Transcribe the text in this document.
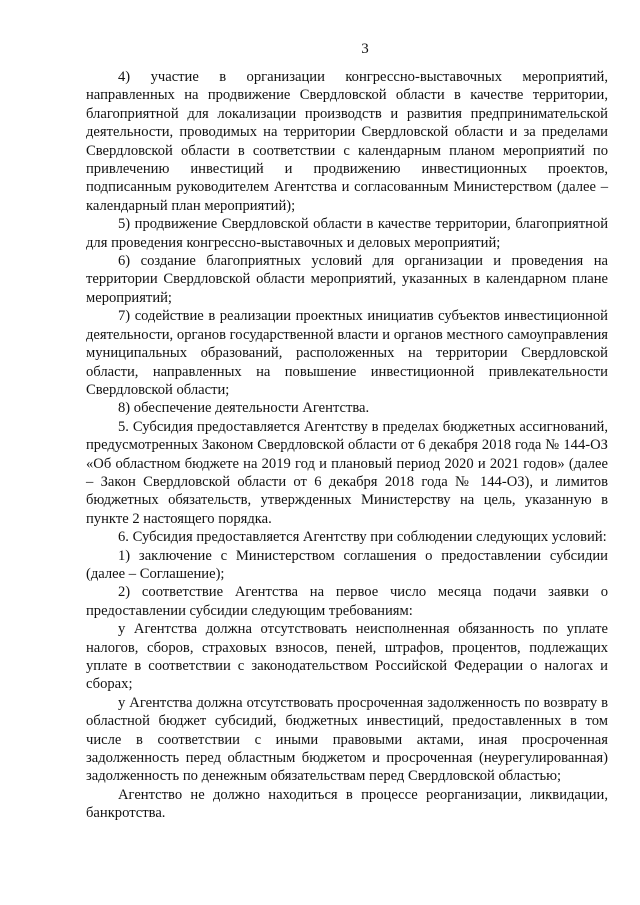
3

4) участие в организации конгрессно-выставочных мероприятий, направленных на продвижение Свердловской области в качестве территории, благоприятной для локализации производств и развития предпринимательской деятельности, проводимых на территории Свердловской области и за пределами Свердловской области в соответствии с календарным планом мероприятий по привлечению инвестиций и продвижению инвестиционных проектов, подписанным руководителем Агентства и согласованным Министерством (далее – календарный план мероприятий);

5) продвижение Свердловской области в качестве территории, благоприятной для проведения конгрессно-выставочных и деловых мероприятий;

6) создание благоприятных условий для организации и проведения на территории Свердловской области мероприятий, указанных в календарном плане мероприятий;

7) содействие в реализации проектных инициатив субъектов инвестиционной деятельности, органов государственной власти и органов местного самоуправления муниципальных образований, расположенных на территории Свердловской области, направленных на повышение инвестиционной привлекательности Свердловской области;

8) обеспечение деятельности Агентства.

5. Субсидия предоставляется Агентству в пределах бюджетных ассигнований, предусмотренных Законом Свердловской области от 6 декабря 2018 года № 144-ОЗ «Об областном бюджете на 2019 год и плановый период 2020 и 2021 годов» (далее – Закон Свердловской области от 6 декабря 2018 года № 144-ОЗ), и лимитов бюджетных обязательств, утвержденных Министерству на цель, указанную в пункте 2 настоящего порядка.

6. Субсидия предоставляется Агентству при соблюдении следующих условий:

1) заключение с Министерством соглашения о предоставлении субсидии (далее – Соглашение);

2) соответствие Агентства на первое число месяца подачи заявки о предоставлении субсидии следующим требованиям:

у Агентства должна отсутствовать неисполненная обязанность по уплате налогов, сборов, страховых взносов, пеней, штрафов, процентов, подлежащих уплате в соответствии с законодательством Российской Федерации о налогах и сборах;

у Агентства должна отсутствовать просроченная задолженность по возврату в областной бюджет субсидий, бюджетных инвестиций, предоставленных в том числе в соответствии с иными правовыми актами, иная просроченная задолженность перед областным бюджетом и просроченная (неурегулированная) задолженность по денежным обязательствам перед Свердловской областью;

Агентство не должно находиться в процессе реорганизации, ликвидации, банкротства.
